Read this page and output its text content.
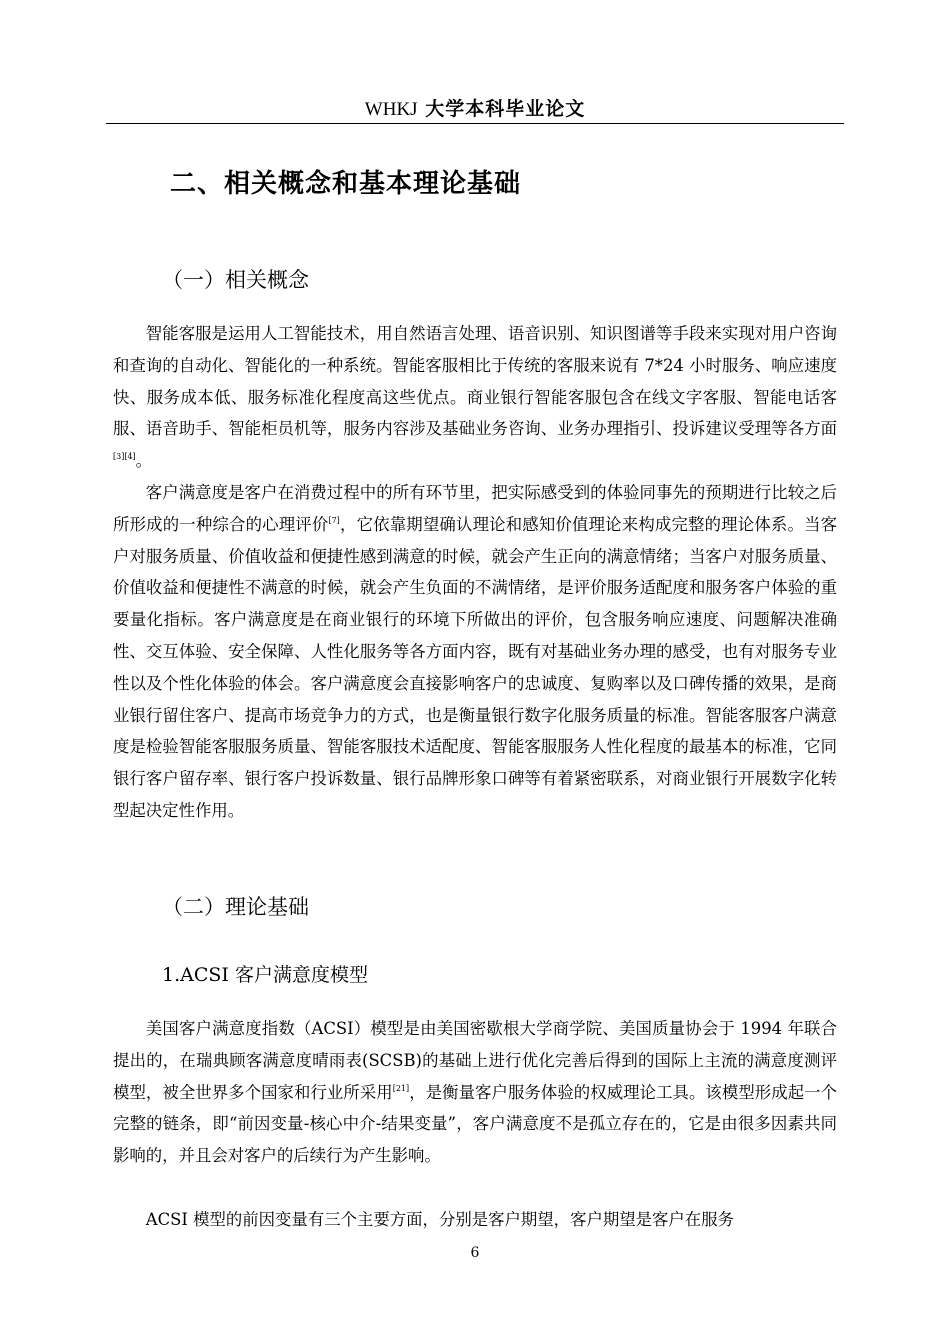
WHKJ 大学本科毕业论文
二、相关概念和基本理论基础
（一）相关概念
智能客服是运用人工智能技术，用自然语言处理、语音识别、知识图谱等手段来实现对用户咨询和查询的自动化、智能化的一种系统。智能客服相比于传统的客服来说有 7*24 小时服务、响应速度快、服务成本低、服务标准化程度高这些优点。商业银行智能客服包含在线文字客服、智能电话客服、语音助手、智能柜员机等，服务内容涉及基础业务咨询、业务办理指引、投诉建议受理等各方面[3][4]。
客户满意度是客户在消费过程中的所有环节里，把实际感受到的体验同事先的预期进行比较之后所形成的一种综合的心理评价[7]，它依靠期望确认理论和感知价值理论来构成完整的理论体系。当客户对服务质量、价值收益和便捷性感到满意的时候，就会产生正向的满意情绪；当客户对服务质量、价值收益和便捷性不满意的时候，就会产生负面的不满情绪，是评价服务适配度和服务客户体验的重要量化指标。客户满意度是在商业银行的环境下所做出的评价，包含服务响应速度、问题解决准确性、交互体验、安全保障、人性化服务等各方面内容，既有对基础业务办理的感受，也有对服务专业性以及个性化体验的体会。客户满意度会直接影响客户的忠诚度、复购率以及口碑传播的效果，是商业银行留住客户、提高市场竞争力的方式，也是衡量银行数字化服务质量的标准。智能客服客户满意度是检验智能客服服务质量、智能客服技术适配度、智能客服服务人性化程度的最基本的标准，它同银行客户留存率、银行客户投诉数量、银行品牌形象口碑等有着紧密联系，对商业银行开展数字化转型起决定性作用。
（二）理论基础
1.ACSI 客户满意度模型
美国客户满意度指数（ACSI）模型是由美国密歇根大学商学院、美国质量协会于 1994 年联合提出的，在瑞典顾客满意度晴雨表(SCSB)的基础上进行优化完善后得到的国际上主流的满意度测评模型，被全世界多个国家和行业所采用[21]，是衡量客户服务体验的权威理论工具。该模型形成起一个完整的链条，即“前因变量-核心中介-结果变量”，客户满意度不是孤立存在的，它是由很多因素共同影响的，并且会对客户的后续行为产生影响。
ACSI 模型的前因变量有三个主要方面，分别是客户期望，客户期望是客户在服务
6
